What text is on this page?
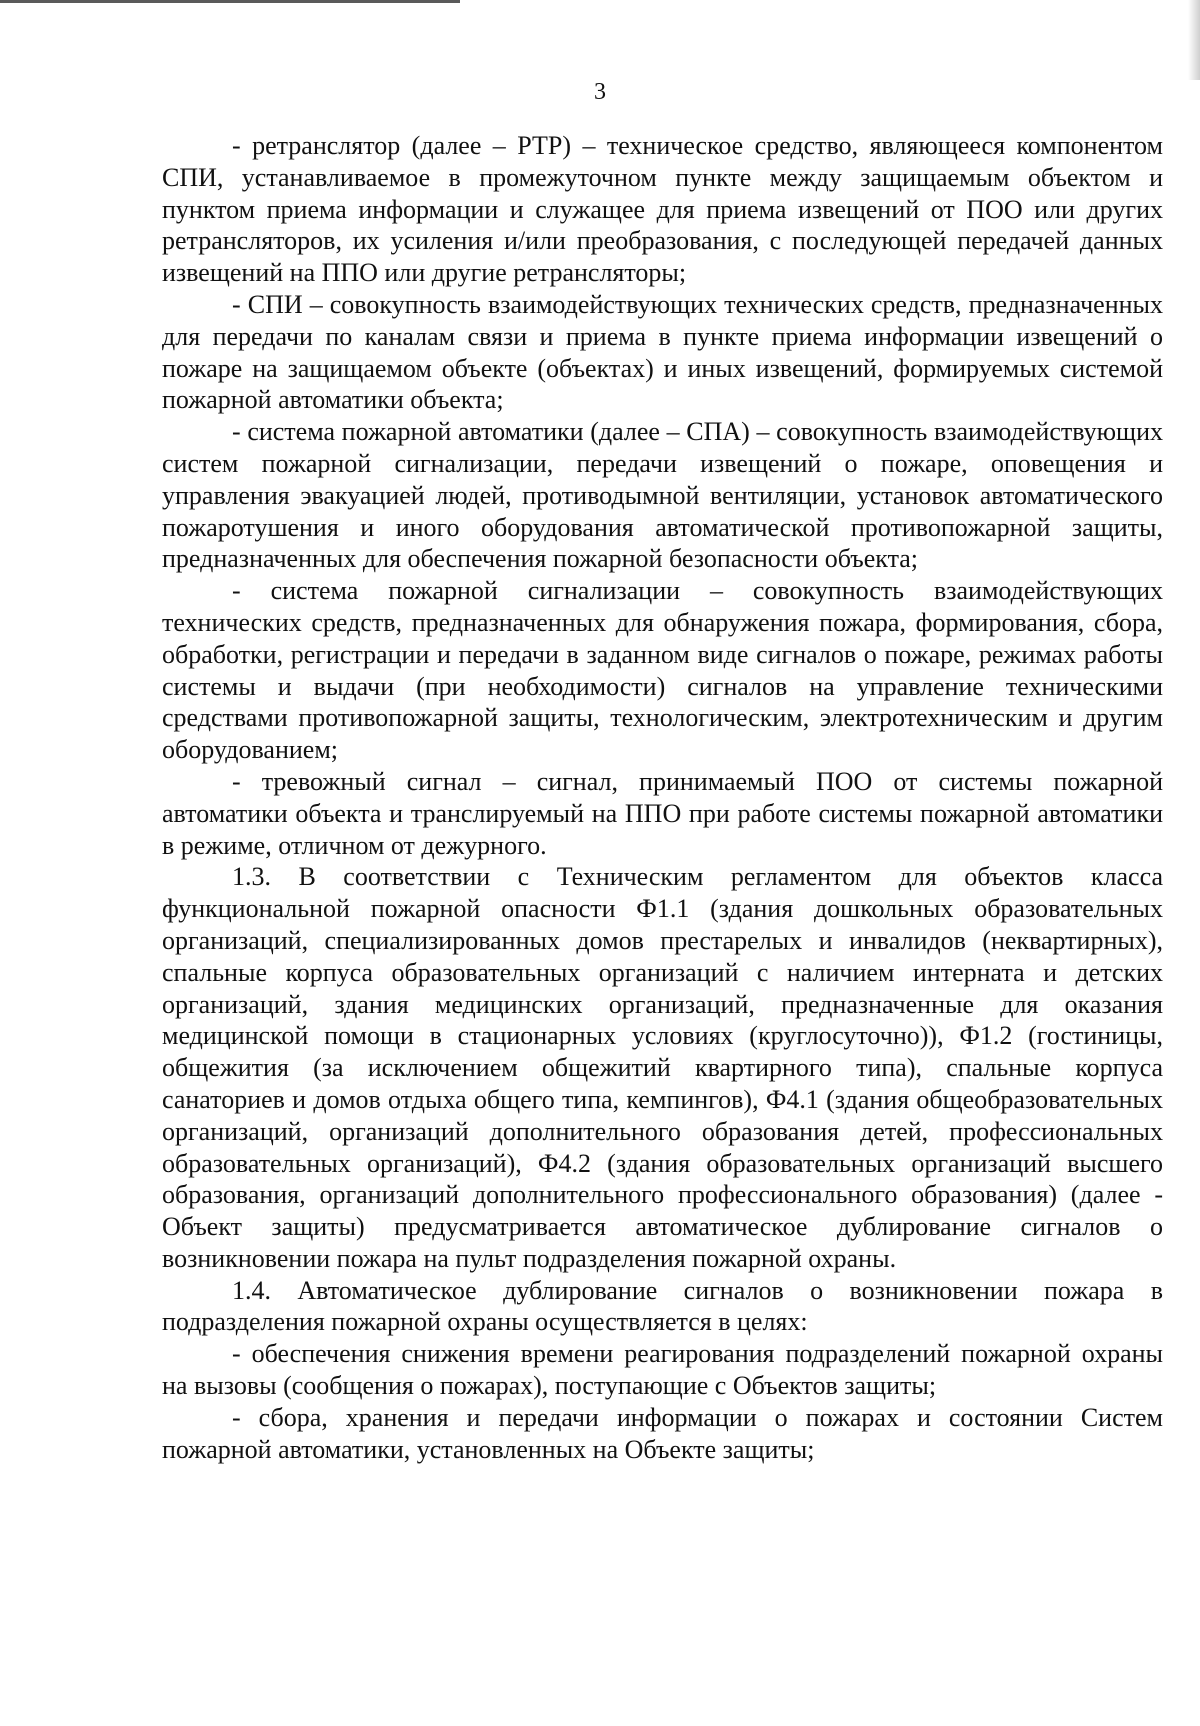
3

- ретранслятор (далее – РТР) – техническое средство, являющееся компонентом СПИ, устанавливаемое в промежуточном пункте между защищаемым объектом и пунктом приема информации и служащее для приема извещений от ПОО или других ретрансляторов, их усиления и/или преобразования, с последующей передачей данных извещений на ППО или другие ретрансляторы;

- СПИ – совокупность взаимодействующих технических средств, предназначенных для передачи по каналам связи и приема в пункте приема информации извещений о пожаре на защищаемом объекте (объектах) и иных извещений, формируемых системой пожарной автоматики объекта;

- система пожарной автоматики (далее – СПА) – совокупность взаимодействующих систем пожарной сигнализации, передачи извещений о пожаре, оповещения и управления эвакуацией людей, противодымной вентиляции, установок автоматического пожаротушения и иного оборудования автоматической противопожарной защиты, предназначенных для обеспечения пожарной безопасности объекта;

- система пожарной сигнализации – совокупность взаимодействующих технических средств, предназначенных для обнаружения пожара, формирования, сбора, обработки, регистрации и передачи в заданном виде сигналов о пожаре, режимах работы системы и выдачи (при необходимости) сигналов на управление техническими средствами противопожарной защиты, технологическим, электротехническим и другим оборудованием;

- тревожный сигнал – сигнал, принимаемый ПОО от системы пожарной автоматики объекта и транслируемый на ППО при работе системы пожарной автоматики в режиме, отличном от дежурного.

1.3. В соответствии с Техническим регламентом для объектов класса функциональной пожарной опасности Ф1.1 (здания дошкольных образовательных организаций, специализированных домов престарелых и инвалидов (неквартирных), спальные корпуса образовательных организаций с наличием интерната и детских организаций, здания медицинских организаций, предназначенные для оказания медицинской помощи в стационарных условиях (круглосуточно)), Ф1.2 (гостиницы, общежития (за исключением общежитий квартирного типа), спальные корпуса санаториев и домов отдыха общего типа, кемпингов), Ф4.1 (здания общеобразовательных организаций, организаций дополнительного образования детей, профессиональных образовательных организаций), Ф4.2 (здания образовательных организаций высшего образования, организаций дополнительного профессионального образования) (далее - Объект защиты) предусматривается автоматическое дублирование сигналов о возникновении пожара на пульт подразделения пожарной охраны.

1.4. Автоматическое дублирование сигналов о возникновении пожара в подразделения пожарной охраны осуществляется в целях:

- обеспечения снижения времени реагирования подразделений пожарной охраны на вызовы (сообщения о пожарах), поступающие с Объектов защиты;

- сбора, хранения и передачи информации о пожарах и состоянии Систем пожарной автоматики, установленных на Объекте защиты;
